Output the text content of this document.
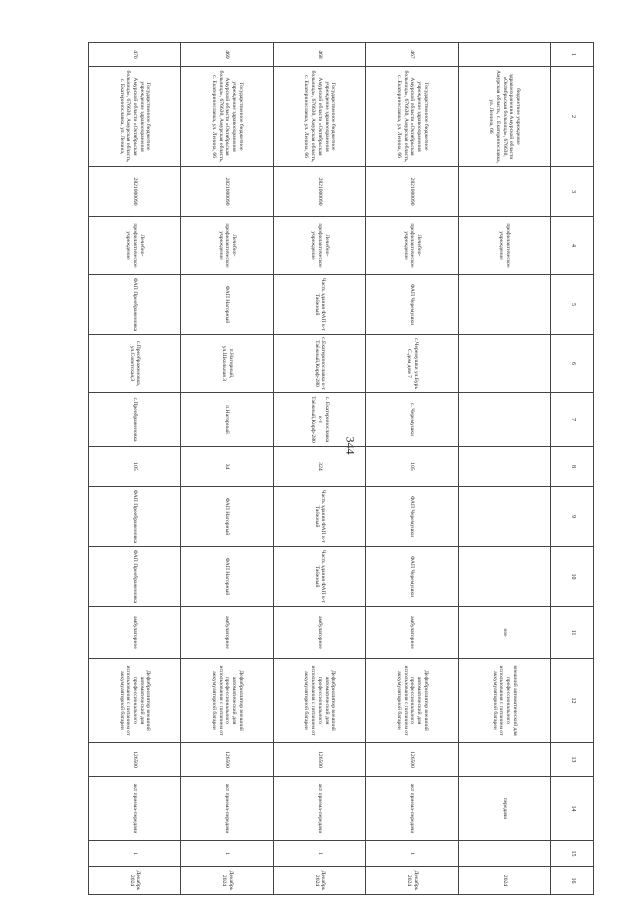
344
1	2	3	4	5	6	7	8	9	10	11	12	13	14	15	16
	бюджетное учреждение здравоохранения Амурской области «Октябрьская больница», 676630, Амурская область, с. Екатеринославка, ул. Ленина, 66		профилактическое учреждение							ное	внешний автоматический для профессионального использования с питанием от аккумуляторной батареи		передачи		2024
467	Государственное бюджетное учреждение здравоохранения Амурской области «Октябрьская больница», 676630, Амурская область, с. Екатеринославка, ул. Ленина, 66	2821000090	Лечебно-профилактическое учреждение	ФАП Черемушки	с.Черемушки ул.Бурь С.дом дом 7	с. Черемушки	105	ФАП Черемушки	ФАП Черемушки	амбулаторное	Дефибриллятор внешний автоматический для профессионального использования с питанием от аккумуляторной батареи	126500	акт приема-передачи	1	Декабрь 2024
468	Государственное бюджетное учреждение здравоохранения Амурской области «Октябрьская больница», 676630, Амурская область, с. Екатеринославка, ул. Ленина, 66	2821000090	Лечебно-профилактическое учреждение	Часть здания ФАП к-т Таёжный	с.Екатеринославка к-т Таёжный,Кирф-280	с. Екатеринославка к-т Таёжный,Кирф-280	324	Часть здания ФАП к-т Таёжный	Часть здания ФАП к-т Таёжный	амбулаторное	Дефибриллятор внешний автоматический для профессионального использования с питанием от аккумуляторной батареи	126500	акт приема-передачи	1	Декабрь 2024
469	Государственное бюджетное учреждение здравоохранения Амурской области «Октябрьская больница», 676630, Амурская область, с. Екатеринославка, ул. Ленина, 66	2821000090	Лечебно-профилактическое учреждение	ФАП Нагорный	п.Нагорный, ул.Школьная 3	п.Нагорный	34	ФАП Нагорный	ФАП Нагорный	амбулаторное	Дефибриллятор внешний автоматический для профессионального использования с питанием от аккумуляторной батареи	126500	акт приема-передачи	1	Декабрь 2024
470	Государственное бюджетное учреждение здравоохранения Амурской области «Октябрьская больница», 676630, Амурская область, с. Екатеринославка, ул. Ленина,	2821000090	Лечебно-профилактическое учреждение	ФАП Преображеновка	с.Преображеновка, ул.Советская,3	с.Преображеновка	105	ФАП Преображеновка	ФАП Преображеновка	амбулаторное	Дефибриллятор внешний автоматический для профессионального использования с питанием от аккумуляторной батареи	126500	акт приема-передачи	1	Декабрь 2024
